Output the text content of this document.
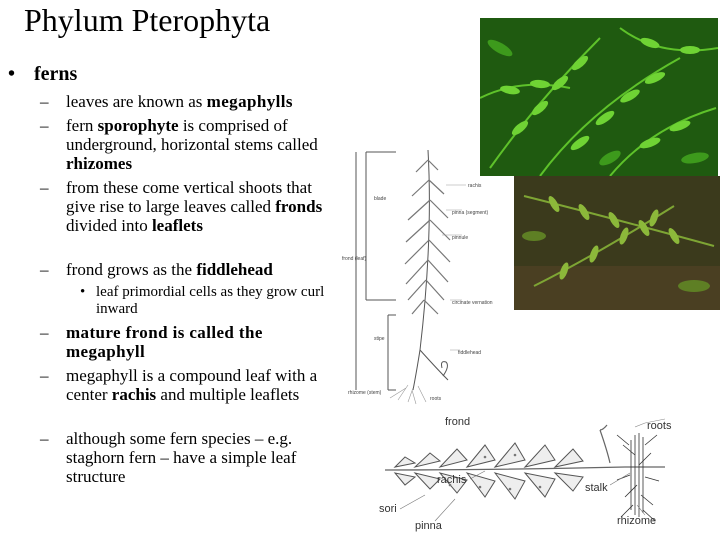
Phylum Pterophyta
• ferns
– leaves are known as megaphylls
– fern sporophyte is comprised of underground, horizontal stems called rhizomes
– from these come vertical shoots that give rise to large leaves called fronds divided into leaflets
– frond grows as the fiddlehead
• leaf primordial cells as they grow curl inward
– mature frond is called the megaphyll
– megaphyll is a compound leaf with a center rachis and multiple leaflets
– although some fern species – e.g. staghorn fern – have a simple leaf structure
rachis
pinna (segment)
pinnule
circinate vernation
fiddlehead
blade
frond (leaf)
stipe
rhizome (stem)
roots
frond	roots
rachis
stalk
sori
pinna	rhizome
